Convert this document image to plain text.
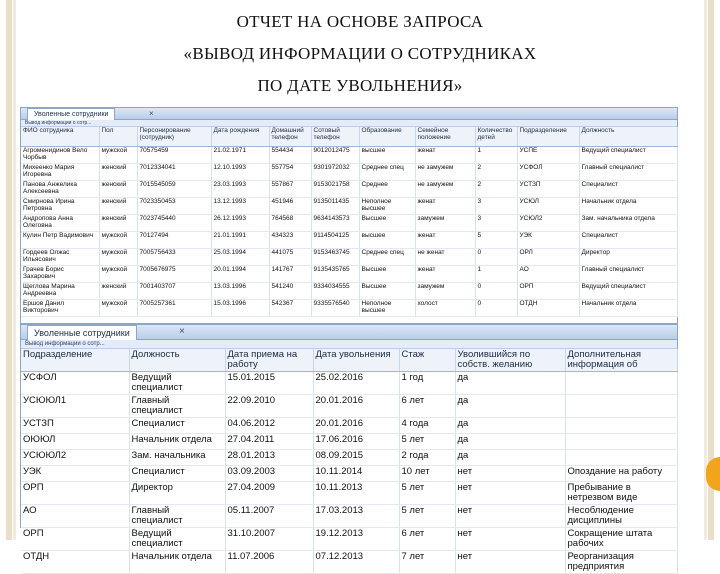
ОТЧЕТ НА ОСНОВЕ ЗАПРОСА
«ВЫВОД ИНФОРМАЦИИ О СОТРУДНИКАХ
ПО ДАТЕ УВОЛЬНЕНИЯ»
Уволенные сотрудники	×
Вывод информации о сотр...
ФИО сотрудника	Пол	Персонирование (сотрудник)	Дата рождения	Домашний телефон	Сотовый телефон	Образование	Семейное положение	Количество детей	Подразделение	Должность
Агроменидинов Вело Чорбыв	мужской	70575459	21.02.1971	554434	9012012475	высшее	женат	1	УСПЕ	Ведущий специалист
Михеенко Мария Игоревна	женский	7012334041	12.10.1993	557754	9301972032	Среднее спец	не замужем	2	УСФОЛ	Главный специалист
Панова Анжелика Алексеевна	женский	7015545059	23.03.1993	557867	9153021758	Среднее	не замужем	2	УСТЗП	Специалист
Смирнова Ирина Петровна	женский	7023350453	13.12.1993	451946	9135011435	Неполное высшее	женат	3	УСЮЛ	Начальник отдела
Андропова Анна Олеговна	женский	7023745440	26.12.1993	764568	9634143573	Высшее	замужем	3	УСЮЛ2	Зам. начальника отдела
Кулин Петр Вадимович	мужской	70127494	21.01.1991	434323	9114504125	высшее	женат	5	УЭК	Специалист
Гордеев Олжас Ильясович	мужской	7005756433	25.03.1994	441075	9153463745	Среднее спец	не женат	0	ОРЛ	Директор
Грачев Борис Захарович	мужской	7005676975	20.01.1994	141767	9135435765	Высшее	женат	1	АО	Главный специалист
Щеглова Марина Андреевна	женский	7001403707	13.03.1996	541240	9334034555	Высшее	замужем	0	ОРП	Ведущий специалист
Ершов Данил Викторович	мужской	7005257361	15.03.1996	542367	9335576540	Неполное высшее	холост	0	ОТДН	Начальник отдела
Уволенные сотрудники	×
Вывод информации о сотр...
Подразделение	Должность	Дата приема на работу	Дата увольнения	Стаж	Уволившийся по собств. желанию	Дополнительная информация об
УСФОЛ	Ведущий специалист	15.01.2015	25.02.2016	1 год	да	
УСЮЮЛ1	Главный специалист	22.09.2010	20.01.2016	6 лет	да	
УСТЗП	Специалист	04.06.2012	20.01.2016	4 года	да	
ОЮЮЛ	Начальник отдела	27.04.2011	17.06.2016	5 лет	да	
УСЮЮЛ2	Зам. начальника	28.01.2013	08.09.2015	2 года	да	
УЭК	Специалист	03.09.2003	10.11.2014	10 лет	нет	Опоздание на работу
ОРП	Директор	27.04.2009	10.11.2013	5 лет	нет	Пребывание в нетрезвом виде
АО	Главный специалист	05.11.2007	17.03.2013	5 лет	нет	Несоблюдение дисциплины
ОРП	Ведущий специалист	31.10.2007	19.12.2013	6 лет	нет	Сокращение штата рабочих
ОТДН	Начальник отдела	11.07.2006	07.12.2013	7 лет	нет	Реорганизация предприятия
